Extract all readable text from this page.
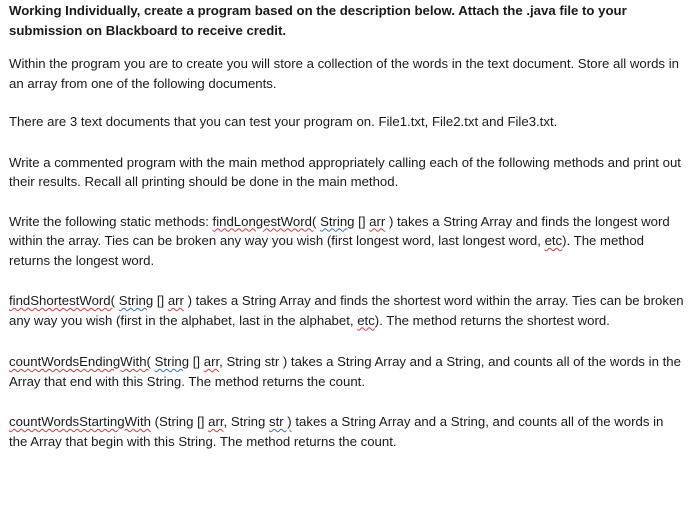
Working Individually, create a program based on the description below. Attach the .java file to your
submission on Blackboard to receive credit.

Within the program you are to create you will store a collection of the words in the text document. Store all words in an array from one of the following documents.

There are 3 text documents that you can test your program on. File1.txt, File2.txt and File3.txt.

Write a commented program with the main method appropriately calling each of the following methods and print out their results. Recall all printing should be done in the main method.

Write the following static methods: findLongestWord( String [] arr ) takes a String Array and finds the longest word within the array. Ties can be broken any way you wish (first longest word, last longest word, etc). The method returns the longest word.

findShortestWord( String [] arr ) takes a String Array and finds the shortest word within the array. Ties can be broken any way you wish (first in the alphabet, last in the alphabet, etc). The method returns the shortest word.

countWordsEndingWith( String [] arr, String str ) takes a String Array and a String, and counts all of the words in the Array that end with this String. The method returns the count.

countWordsStartingWith (String [] arr, String str ) takes a String Array and a String, and counts all of the words in the Array that begin with this String. The method returns the count.
